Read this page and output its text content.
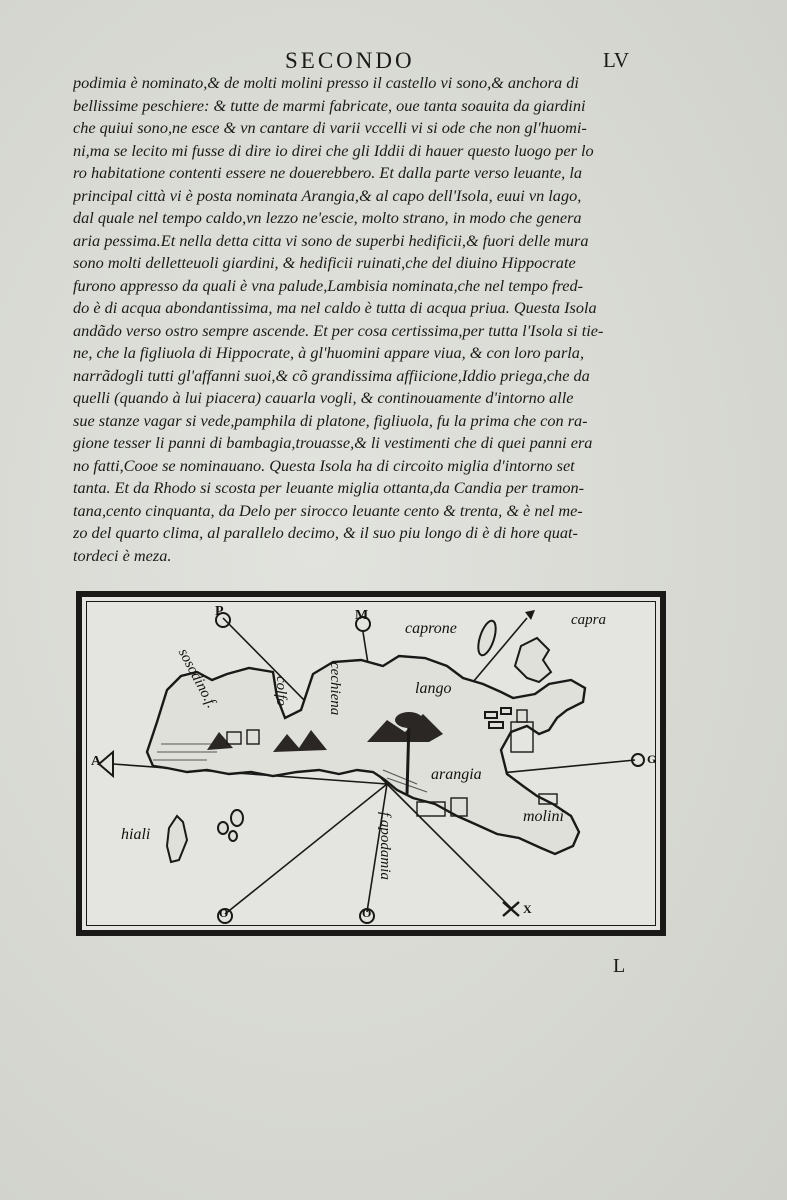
SECONDO	LV
podimia è nominato,& de molti molini presso il castello vi sono,& anchora di
bellissime peschiere: & tutte de marmi fabricate, oue tanta soauita da giardini
che quiui sono,ne esce & vn cantare di varii vccelli vi si ode che non gl'huomi-
ni,ma se lecito mi fusse di dire io direi che gli Iddii di hauer questo luogo per lo
ro habitatione contenti essere ne douerebbero. Et dalla parte verso leuante, la
principal città vi è posta nominata Arangia,& al capo dell'Isola, euui vn lago,
dal quale nel tempo caldo,vn lezzo ne'escie, molto strano, in modo che genera
aria pessima.Et nella detta citta vi sono de superbi hedificii,& fuori delle mura
sono molti delletteuoli giardini, & hedificii ruinati,che del diuino Hippocrate
furono appresso da quali è vna palude,Lambisia nominata,che nel tempo fred-
do è di acqua abondantissima, ma nel caldo è tutta di acqua priua. Questa Isola
andãdo verso ostro sempre ascende. Et per cosa certissima,per tutta l'Isola si tie-
ne, che la figliuola di Hippocrate, à gl'huomini appare viua, & con loro parla,
narrãdogli tutti gl'affanni suoi,& cõ grandissima affiicione,Iddio priega,che da
quelli (quando à lui piacera) cauarla vogli, & continouamente d'intorno alle
sue stanze vagar si vede,pamphila di platone, figliuola, fu la prima che con ra-
gione tesser li panni di bambagia,trouasse,& li vestimenti che di quei panni era
no fatti,Cooe se nominauano. Questa Isola ha di circoito miglia d'intorno set
tanta. Et da Rhodo si scosta per leuante miglia ottanta,da Candia per tramon-
tana,cento cinquanta, da Delo per sirocco leuante cento & trenta, & è nel me-
zo del quarto clima, al parallelo decimo, & il suo piu longo di è di hore quat-
tordeci è meza.
sosodino.f.	colfo	cechiena
caprone	capra
lango
arangia
molini
f.apodamia
hiali
P	M
A	G
O	O	X
L
